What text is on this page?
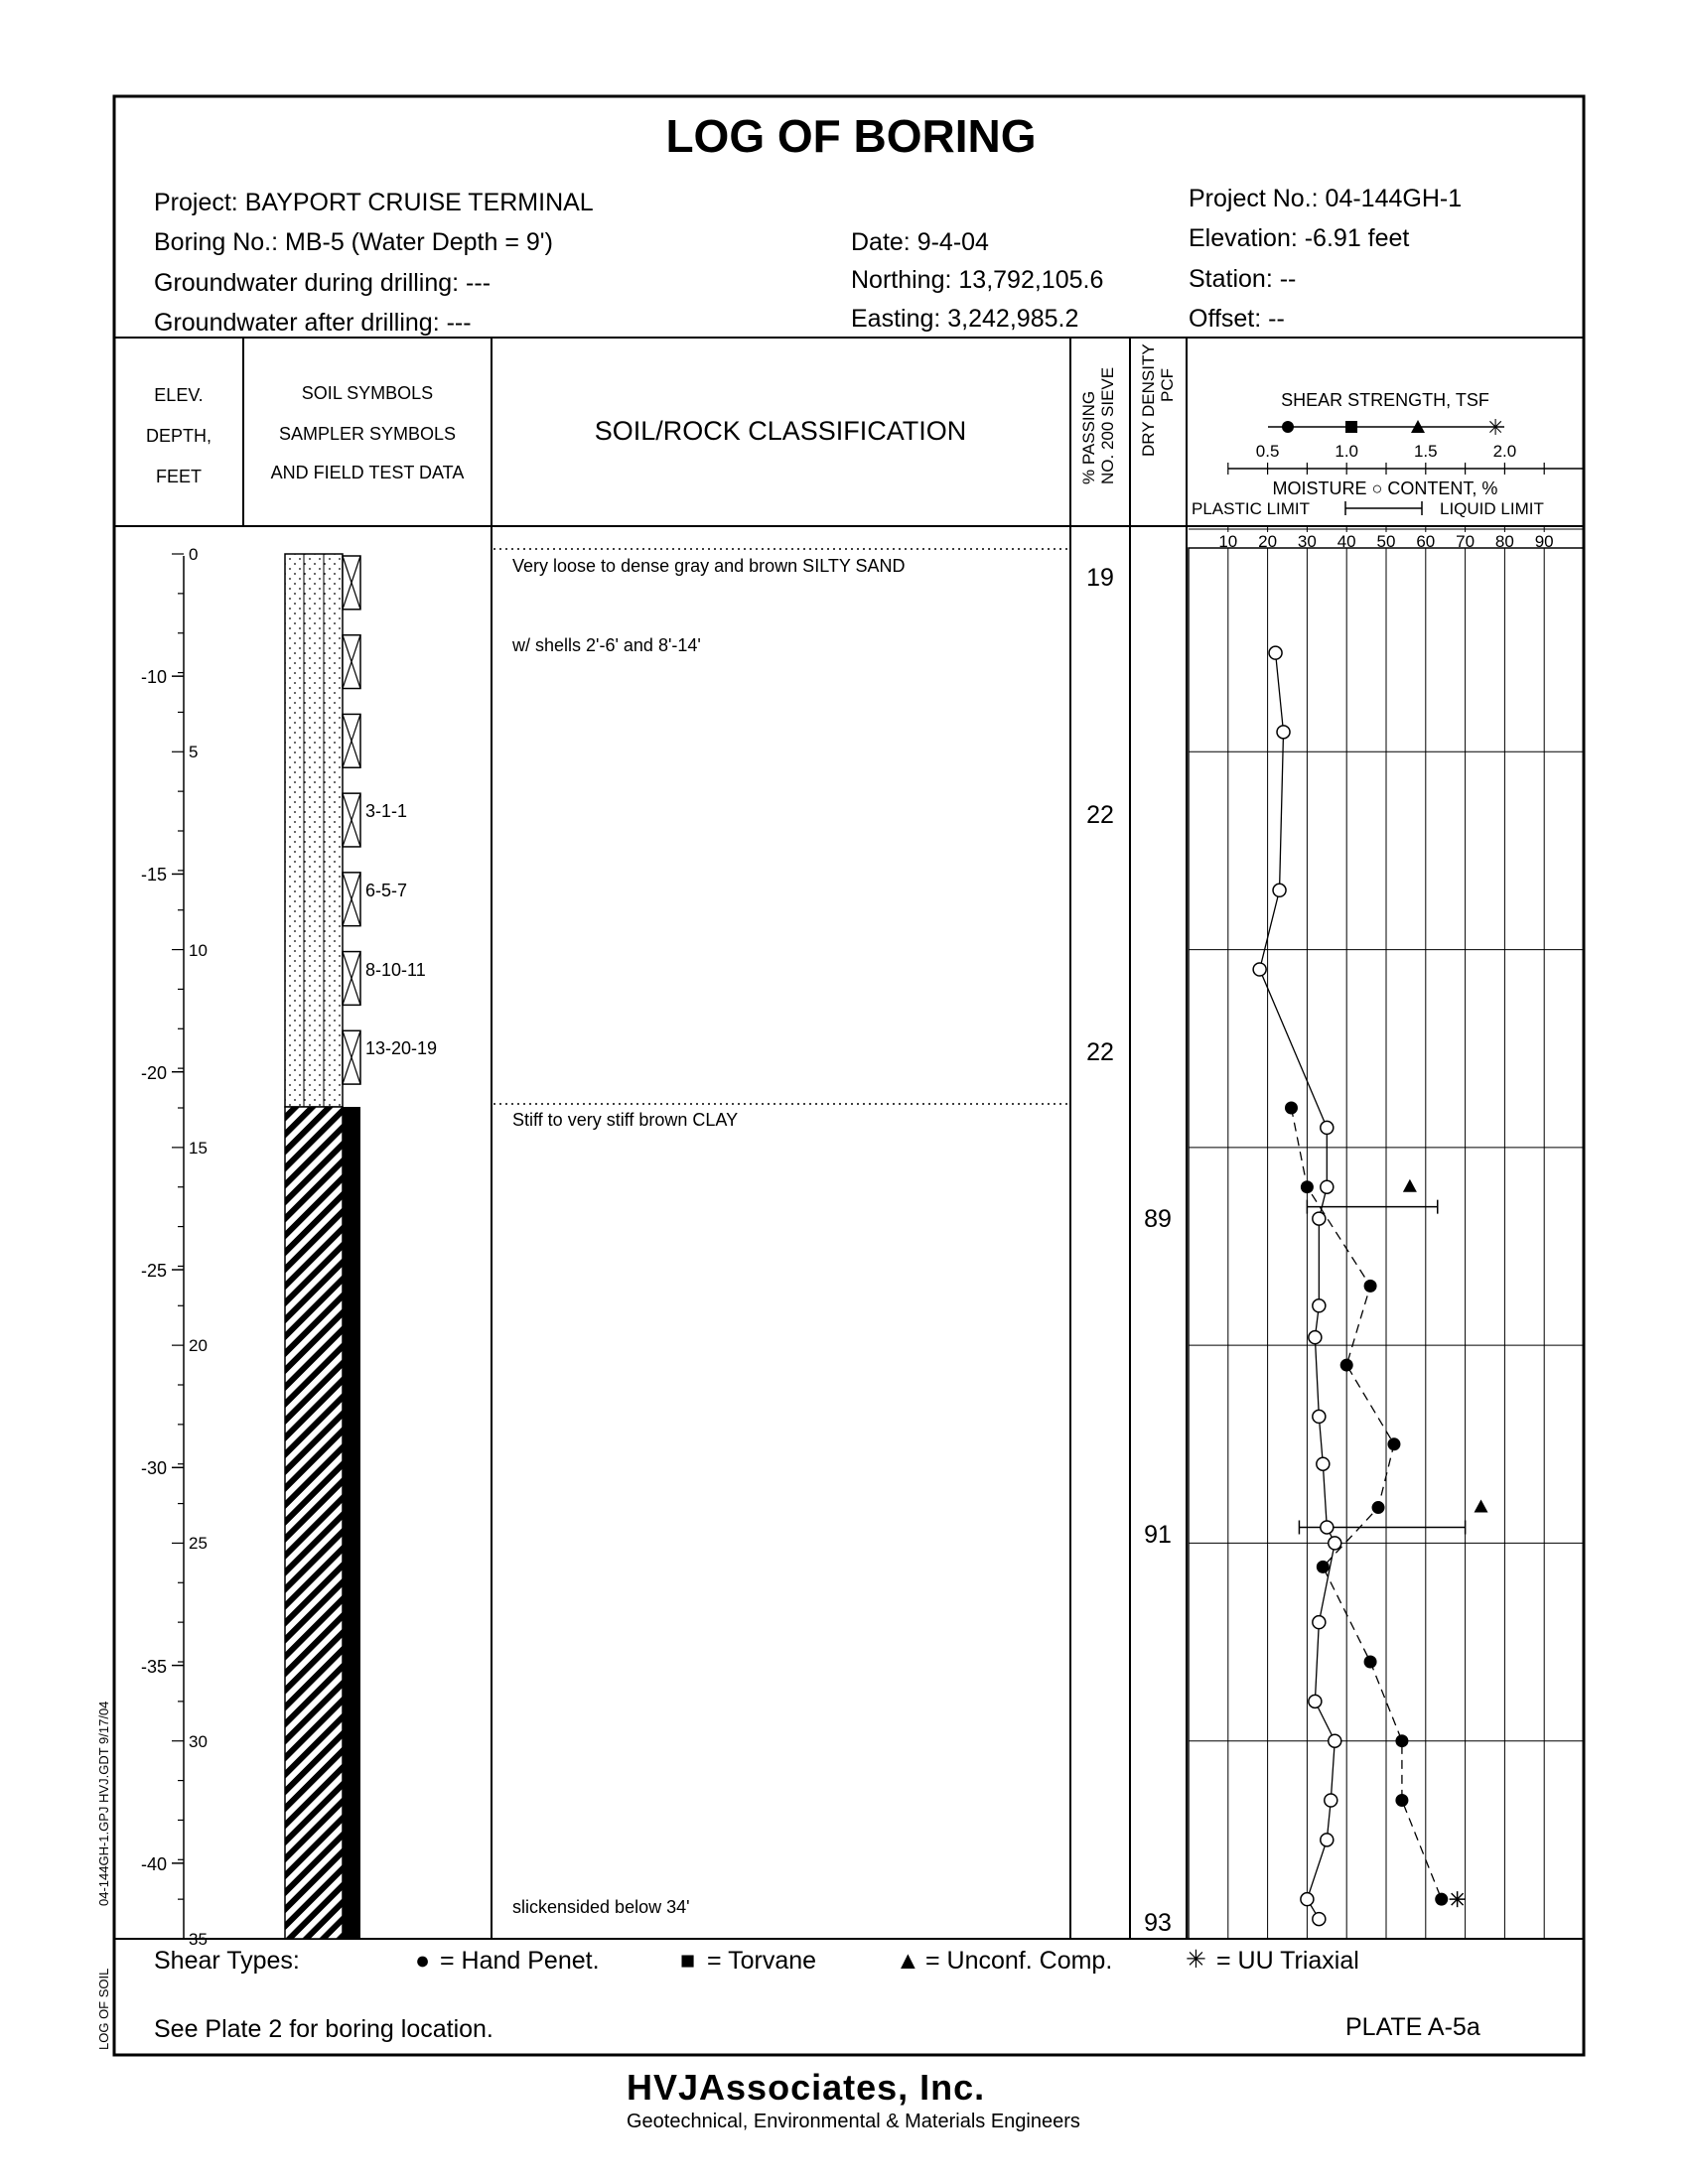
✳
LOG OF BORING
Project: BAYPORT CRUISE TERMINAL
Boring No.: MB-5 (Water Depth = 9')
Groundwater during drilling: ---
Groundwater after drilling: ---
Date: 9-4-04
Northing: 13,792,105.6
Easting: 3,242,985.2
Project No.: 04-144GH-1
Elevation: -6.91 feet
Station: --
Offset: --
ELEV.
DEPTH,
FEET
SOIL SYMBOLS
SAMPLER SYMBOLS
AND FIELD TEST DATA
SOIL/ROCK CLASSIFICATION	% PASSING NO. 200 SIEVE DRY DENSITY PCF	SHEAR STRENGTH, TSF
0.5	1.0	1.5	2.0
MOISTURE ○ CONTENT, %
PLASTIC LIMIT	LIQUID LIMIT
10 20 30 40 50 60 70 80 90
0
5
10
15
20
25
30
35
-10
-15
-20
-25
-30
-35
-40
3-1-1
6-5-7
8-10-11
13-20-19
Very loose to dense gray and brown SILTY SAND
Stiff to very stiff brown CLAY
w/ shells 2'-6' and 8'-14'
slickensided below 34'
19
22
22
89
91
93
Shear Types:	● = Hand Penet.	■ = Torvane	▲ = Unconf. Comp.	✳ = UU Triaxial
See Plate 2 for boring location.	PLATE A-5a
HVJAssociates, Inc.
Geotechnical, Environmental & Materials Engineers
LOG OF SOIL
04-144GH-1.GPJ HVJ.GDT 9/17/04
